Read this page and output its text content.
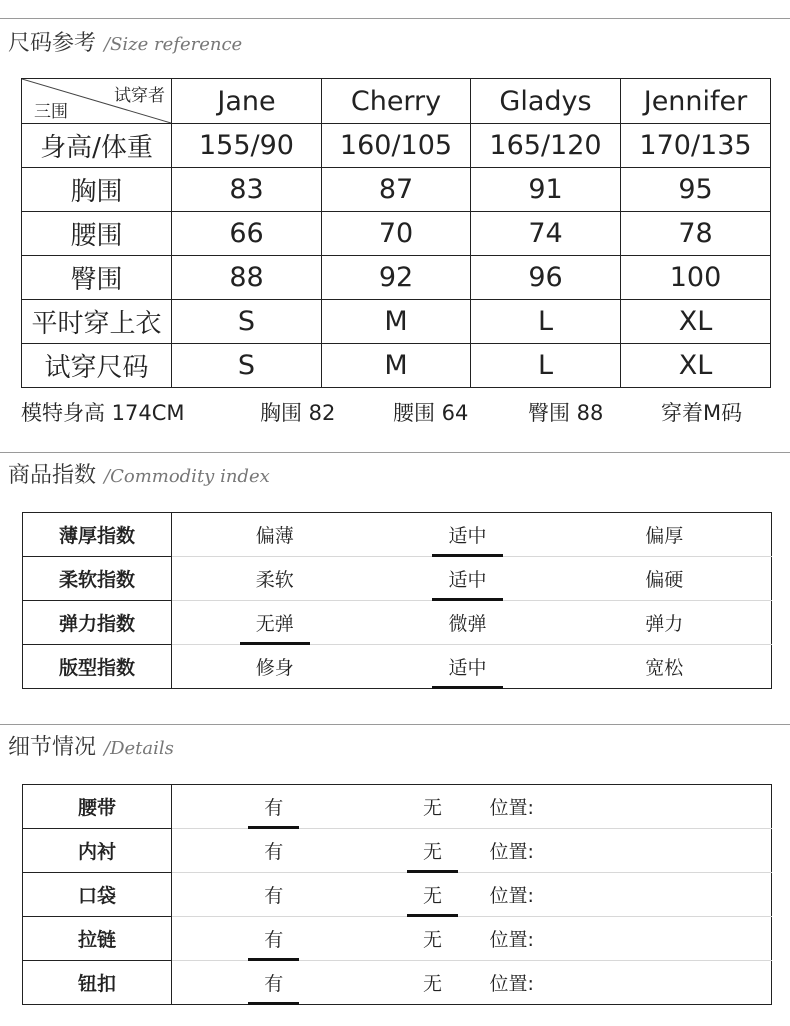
尺码参考 /Size reference
试穿者
三围	Jane	Cherry	Gladys	Jennifer
身高/体重	155/90	160/105	165/120	170/135
胸围	83	87	91	95
腰围	66	70	74	78
臀围	88	92	96	100
平时穿上衣	S	M	L	XL
试穿尺码	S	M	L	XL
模特身高 174CM	胸围 82	腰围 64	臀围 88	穿着M码
商品指数 /Commodity index
薄厚指数	偏薄	适中	偏厚
柔软指数	柔软	适中	偏硬
弹力指数	无弹	微弹	弹力
版型指数	修身	适中	宽松
细节情况 /Details
腰带	有	无	位置:
内衬	有	无	位置:
口袋	有	无	位置:
拉链	有	无	位置:
钮扣	有	无	位置:
